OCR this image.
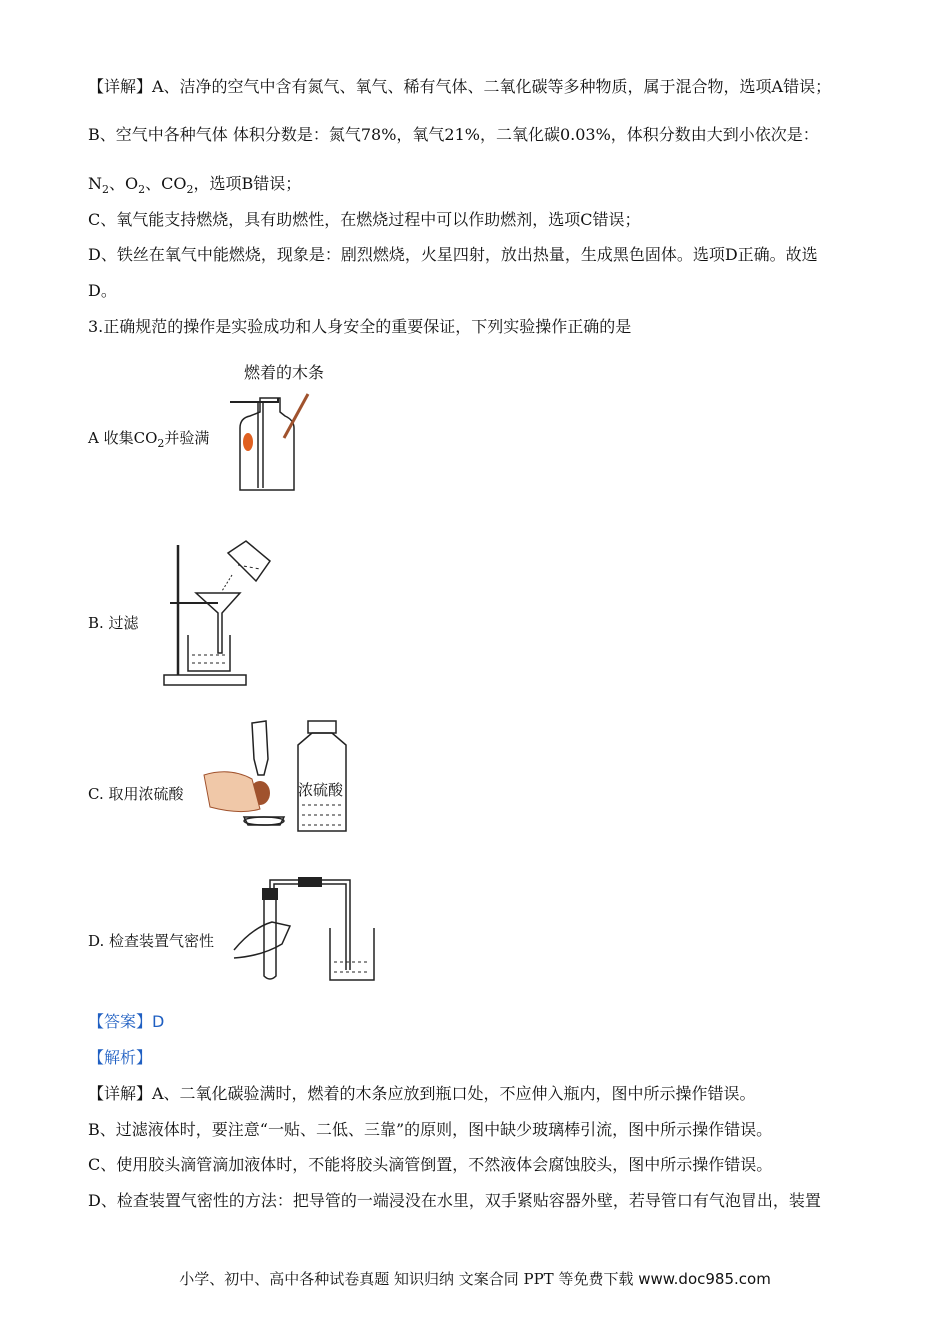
【详解】A、洁净的空气中含有氮气、氧气、稀有气体、二氧化碳等多种物质，属于混合物，选项A错误；
B、空气中各种气体 体积分数是：氮气78%，氧气21%，二氧化碳0.03%，体积分数由大到小依次是：
$N_2$、$O_2$、$CO_2$，选项B错误；
C、氧气能支持燃烧，具有助燃性，在燃烧过程中可以作助燃剂，选项C错误；
D、铁丝在氧气中能燃烧，现象是：剧烈燃烧，火星四射，放出热量，生成黑色固体。选项D正确。故选
D。
3.正确规范的操作是实验成功和人身安全的重要保证，下列实验操作正确的是
A 收集$CO_2$并验满
燃着的木条
B. 过滤
C. 取用浓硫酸	浓硫酸
D. 检查装置气密性
【答案】D
【解析】
【详解】A、二氧化碳验满时，燃着的木条应放到瓶口处，不应伸入瓶内，图中所示操作错误。
B、过滤液体时，要注意“一贴、二低、三靠”的原则，图中缺少玻璃棒引流，图中所示操作错误。
C、使用胶头滴管滴加液体时，不能将胶头滴管倒置，不然液体会腐蚀胶头，图中所示操作错误。
D、检查装置气密性的方法：把导管的一端浸没在水里，双手紧贴容器外壁，若导管口有气泡冒出，装置
小学、初中、高中各种试卷真题 知识归纳 文案合同 PPT 等免费下载 www.doc985.com
